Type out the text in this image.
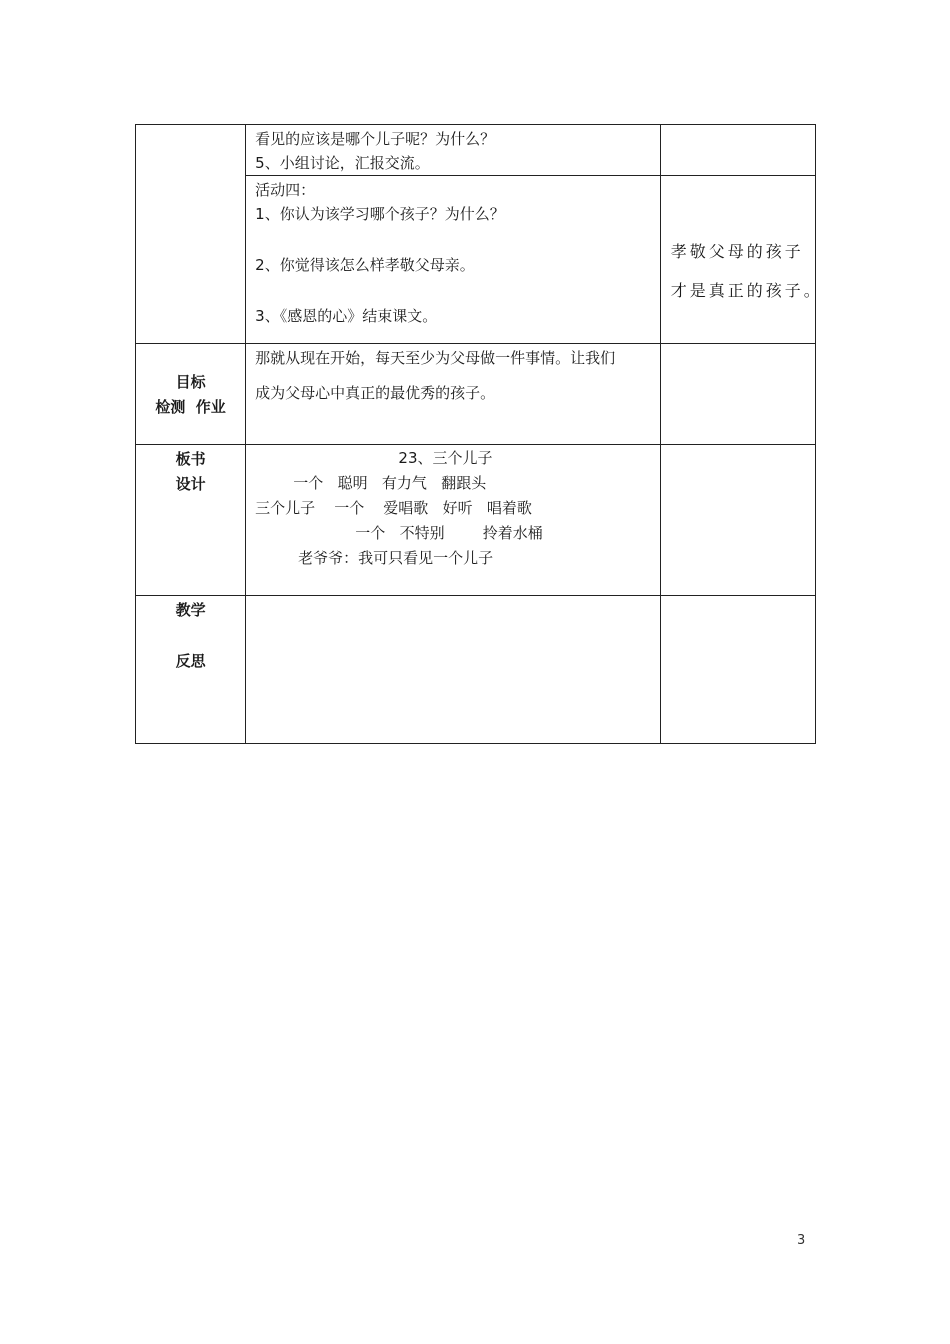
	看见的应该是哪个儿子呢？为什么？
5、小组讨论，汇报交流。	

	活动四：
1、你认为该学习哪个孩子？为什么？
2、你觉得该怎么样孝敬父母亲。
3、《感恩的心》结束课文。	孝敬父母的孩子
才是真正的孩子。

目标
检测  作业	那就从现在开始，每天至少为父母做一件事情。让我们
成为父母心中真正的最优秀的孩子。	

板书
设计	23、三个儿子
一个   聪明   有力气   翻跟头
三个儿子    一个    爱唱歌   好听   唱着歌
一个   不特别        拎着水桶
老爷爷：我可只看见一个儿子	

教学
反思		

3
